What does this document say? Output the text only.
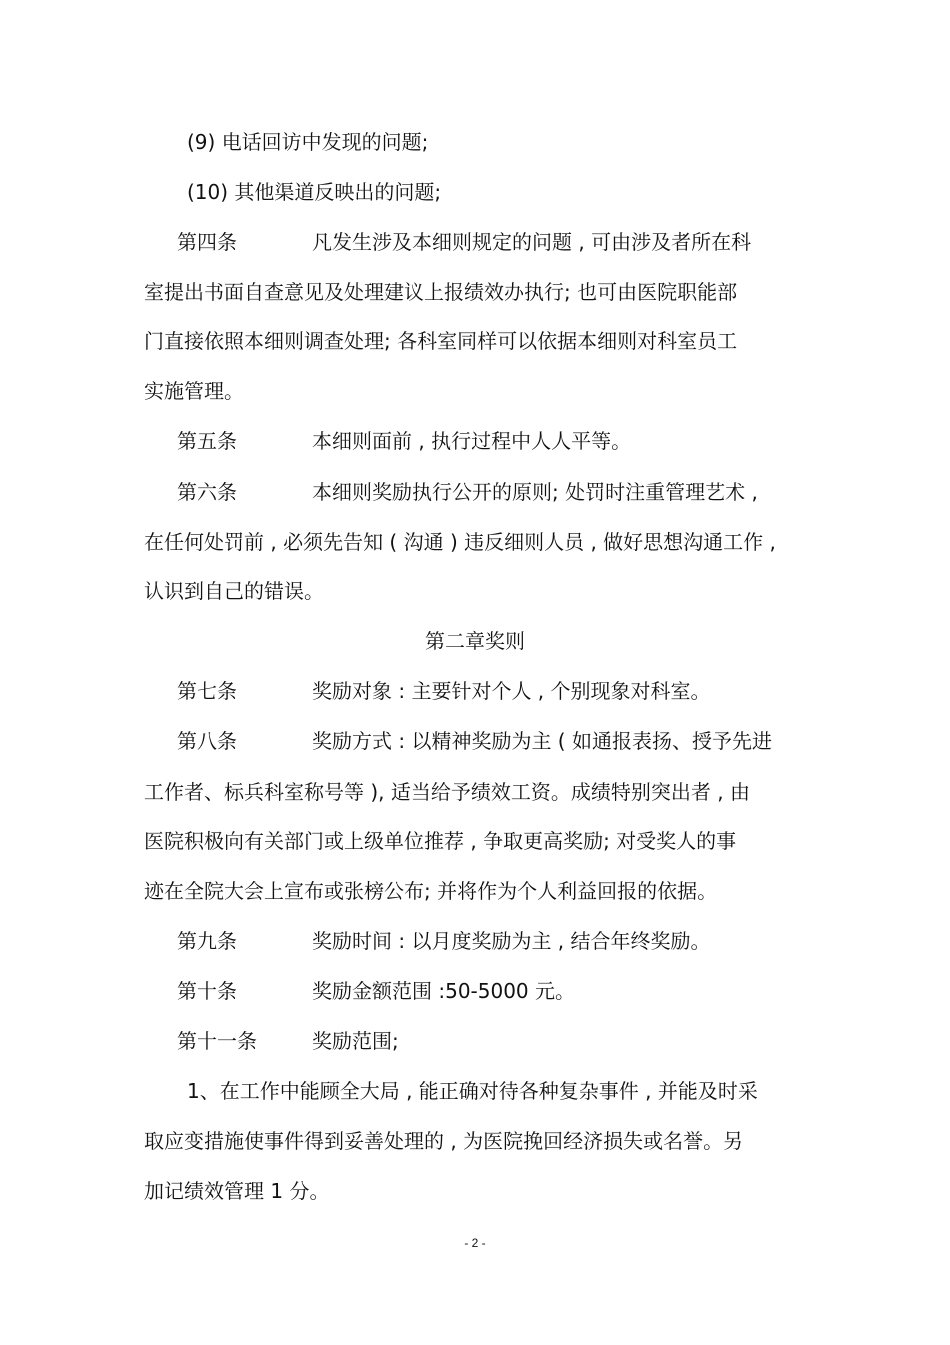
(9) 电话回访中发现的问题;
(10) 其他渠道反映出的问题;
第四条	凡发生涉及本细则规定的问题 , 可由涉及者所在科
室提出书面自查意见及处理建议上报绩效办执行; 也可由医院职能部
门直接依照本细则调查处理; 各科室同样可以依据本细则对科室员工
实施管理。
第五条	本细则面前 , 执行过程中人人平等。
第六条	本细则奖励执行公开的原则; 处罚时注重管理艺术 ,
在任何处罚前 , 必须先告知 ( 沟通 ) 违反细则人员 , 做好思想沟通工作 ,
认识到自己的错误。
第二章奖则
第七条	奖励对象 : 主要针对个人 , 个别现象对科室。
第八条	奖励方式 : 以精神奖励为主 ( 如通报表扬、授予先进
工作者、标兵科室称号等 ), 适当给予绩效工资。成绩特别突出者 , 由
医院积极向有关部门或上级单位推荐 , 争取更高奖励; 对受奖人的事
迹在全院大会上宣布或张榜公布; 并将作为个人利益回报的依据。
第九条	奖励时间 : 以月度奖励为主 , 结合年终奖励。
第十条	奖励金额范围 :50-5000 元。
第十一条	奖励范围;
1、在工作中能顾全大局 , 能正确对待各种复杂事件 , 并能及时采
取应变措施使事件得到妥善处理的 , 为医院挽回经济损失或名誉。另
加记绩效管理 1 分。
- 2 -
